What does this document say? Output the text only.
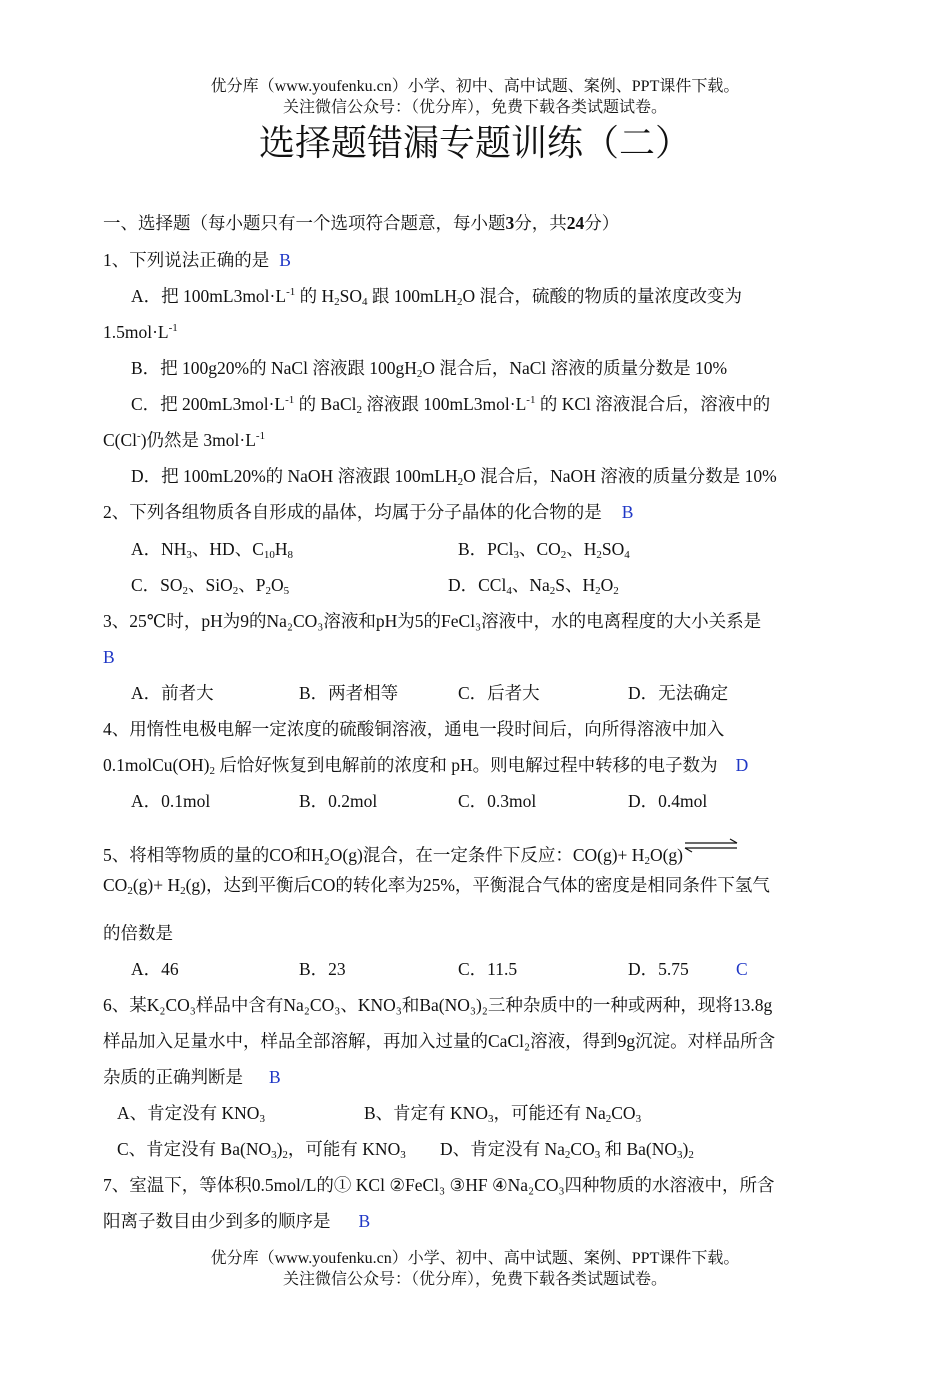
优分库（www.youfenku.cn）小学、初中、高中试题、案例、PPT课件下载。
关注微信公众号：（优分库），免费下载各类试题试卷。
选择题错漏专题训练（二）
一、选择题（每小题只有一个选项符合题意，每小题3分，共24分）
1、下列说法正确的是 B
A．把 $100mL3mol\cdot L^{-1}$ 的 $H_2SO_4$ 跟 100mLH$_2$O 混合，硫酸的物质的量浓度改变为
$1.5mol\cdot L^{-1}$
B．把 100g20%的 NaCl 溶液跟 $100gH_2O$ 混合后，NaCl 溶液的质量分数是 10%
C．把 $200mL3mol\cdot L^{-1}$ 的 BaCl$_2$ 溶液跟 $100mL3mol\cdot L^{-1}$ 的 KCl 溶液混合后，溶液中的
C(Cl-)仍然是 $3mol\cdot L^{-1}$
D．把 100mL20%的 NaOH 溶液跟 100mLH$_2$O 混合后，NaOH 溶液的质量分数是 10%
2、下列各组物质各自形成的晶体，均属于分子晶体的化合物的是 B
A．$NH_3$、HD、$C_{10}H_8$	B．PCl$_3$、$CO_2$、$H_2SO_4$
C．$SO_2$、SiO$_2$、$P_2O_5$	D．CCl$_4$、$Na_2S$、$H_2O_2$
3、25℃时，pH为9的Na₂CO₃溶液和pH为5的FeCl₃溶液中，水的电离程度的大小关系是
B
A．前者大	B．两者相等	C．后者大	D．无法确定
4、用惰性电极电解一定浓度的硫酸铜溶液，通电一段时间后，向所得溶液中加入
$0.1molCu(OH)_2$ 后恰好恢复到电解前的浓度和 pH。则电解过程中转移的电子数为 D
A．0.1mol	B．0.2mol	C．0.3mol	D．0.4mol
5、将相等物质的量的CO和H₂O(g)混合，在一定条件下反应：$CO(g)+ H_2O(g)$
$CO_2(g)+ H_2(g)$，达到平衡后CO的转化率为25%，平衡混合气体的密度是相同条件下氢气
的倍数是
A．46	B．23	C．11.5	D．5.75	C
6、某K₂CO₃样品中含有Na₂CO₃、KNO₃和Ba(NO₃)₂三种杂质中的一种或两种，现将13.8g
样品加入足量水中，样品全部溶解，再加入过量的CaCl₂溶液，得到9g沉淀。对样品所含
杂质的正确判断是 B
A、肯定没有 $KNO_3$	B、肯定有 $KNO_3$，可能还有 $Na_2CO_3$
C、肯定没有 $Ba(NO_3)_2$，可能有 $KNO_3$ D、肯定没有 $Na_2CO_3$ 和 $Ba(NO_3)_2$
7、室温下，等体积0.5mol/L的① KCl ②FeCl₃ ③HF ④Na₂CO₃四种物质的水溶液中，所含
阳离子数目由少到多的顺序是 B
优分库（www.youfenku.cn）小学、初中、高中试题、案例、PPT课件下载。
关注微信公众号：（优分库），免费下载各类试题试卷。
